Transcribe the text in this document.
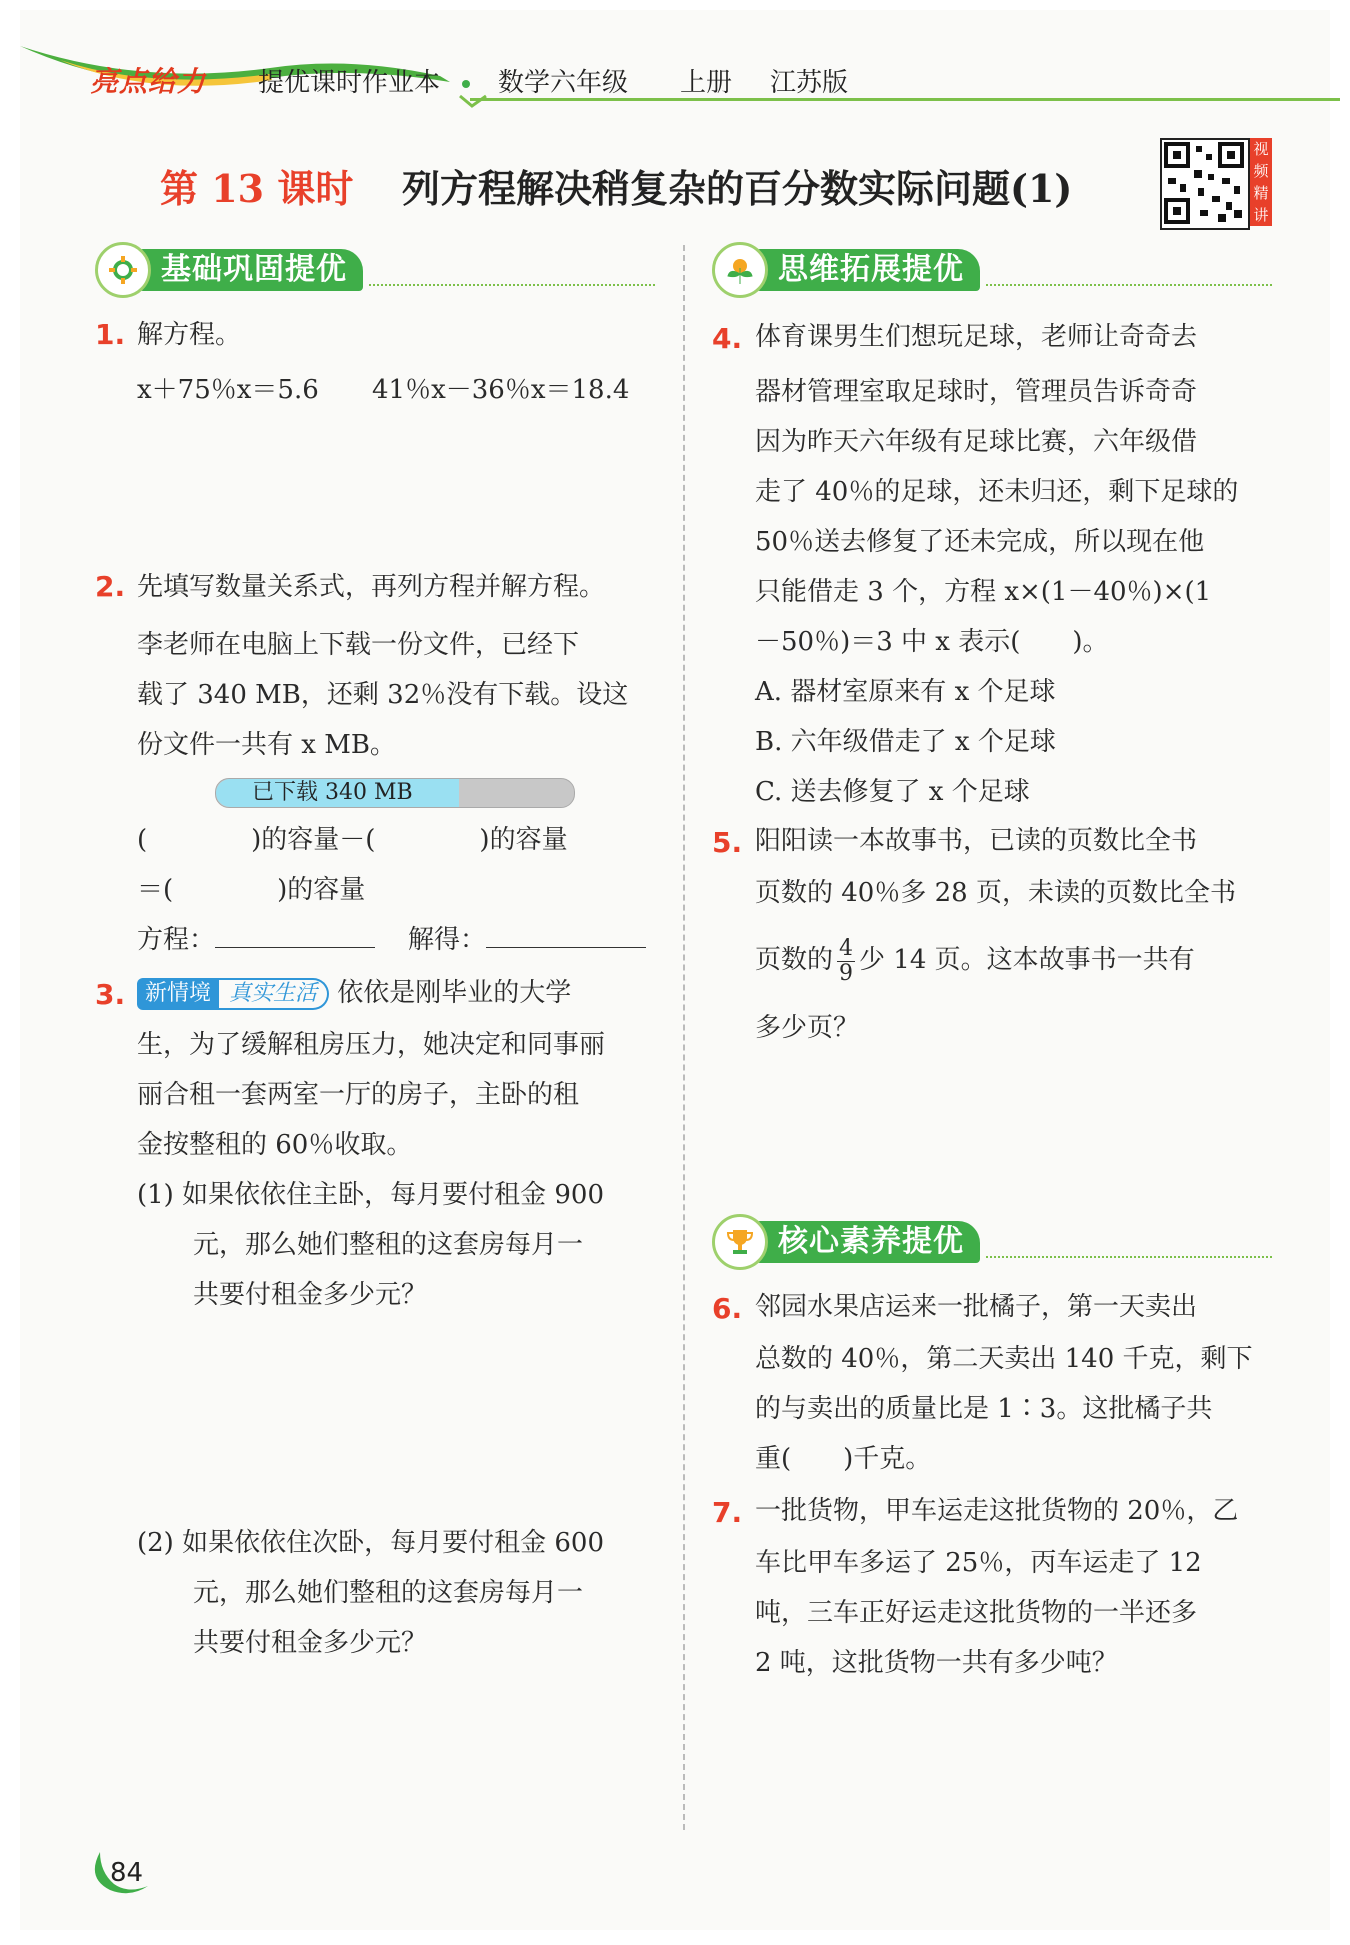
亮点给力 提优课时作业本 数学六年级 上册 江苏版
第 13 课时 列方程解决稍复杂的百分数实际问题(1)
视频精讲
基础巩固提优	思维拓展提优
核心素养提优
1. 解方程。
x＋75％x＝5.6 41％x－36％x＝18.4
2. 先填写数量关系式，再列方程并解方程。
李老师在电脑上下载一份文件，已经下
载了 340 MB，还剩 32％没有下载。设这
份文件一共有 x MB。
已下载 340 MB
(　　　　)的容量－(　　　　)的容量
＝(　　　　)的容量
方程：	解得：
3. 新情境 真实生活 依依是刚毕业的大学
生，为了缓解租房压力，她决定和同事丽
丽合租一套两室一厅的房子，主卧的租
金按整租的 60％收取。
(1) 如果依依住主卧，每月要付租金 900
元，那么她们整租的这套房每月一
共要付租金多少元？
(2) 如果依依住次卧，每月要付租金 600
元，那么她们整租的这套房每月一
共要付租金多少元？
4. 体育课男生们想玩足球，老师让奇奇去
器材管理室取足球时，管理员告诉奇奇
因为昨天六年级有足球比赛，六年级借
走了 40％的足球，还未归还，剩下足球的
50％送去修复了还未完成，所以现在他
只能借走 3 个，方程 x×(1－40％)×(1
－50％)＝3 中 x 表示(　　)。
A. 器材室原来有 x 个足球
B. 六年级借走了 x 个足球
C. 送去修复了 x 个足球
5. 阳阳读一本故事书，已读的页数比全书
页数的 40％多 28 页，未读的页数比全书
页数的 $\frac{4}{9}$ 少 14 页。这本故事书一共有
多少页？
6. 邻园水果店运来一批橘子，第一天卖出
总数的 40％，第二天卖出 140 千克，剩下
的与卖出的质量比是 1∶3。这批橘子共
重(　　)千克。
7. 一批货物，甲车运走这批货物的 20％，乙
车比甲车多运了 25％，丙车运走了 12
吨，三车正好运走这批货物的一半还多
2 吨，这批货物一共有多少吨？
84
